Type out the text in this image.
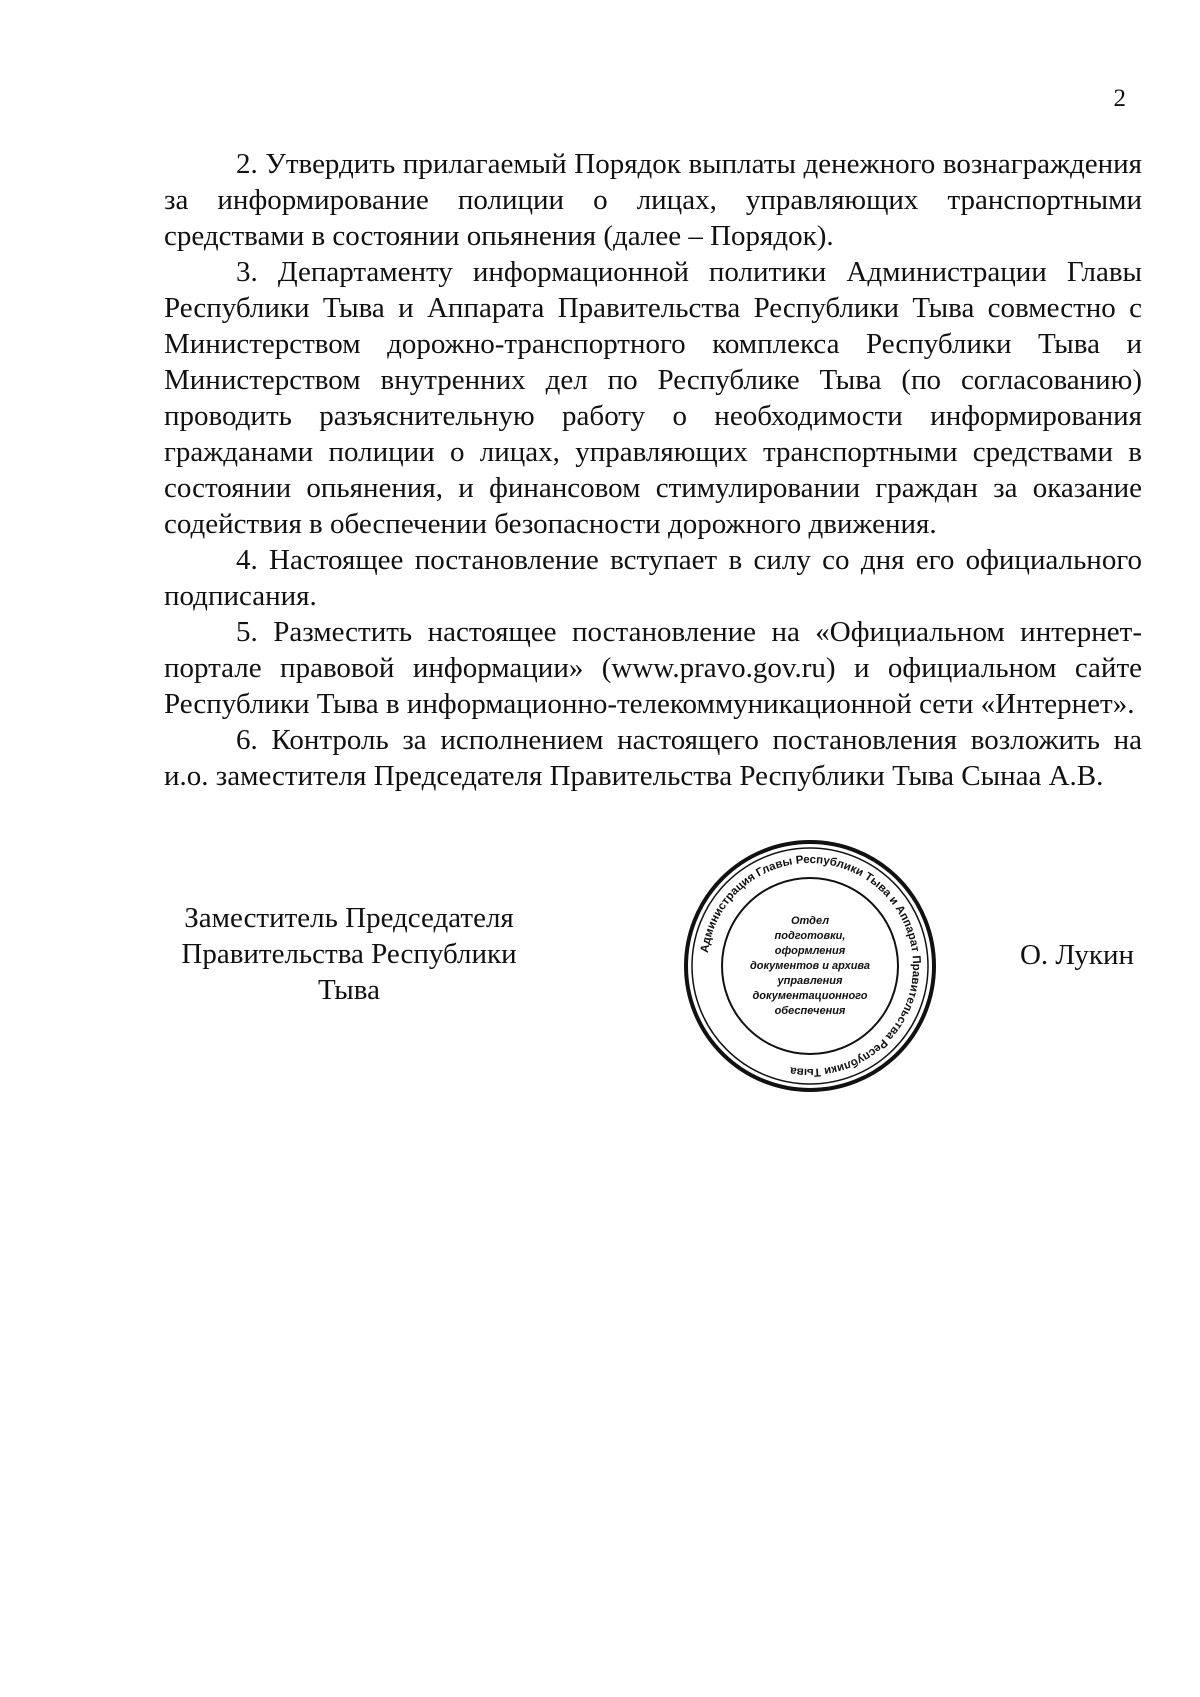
2

2. Утвердить прилагаемый Порядок выплаты денежного вознаграждения за информирование полиции о лицах, управляющих транспортными средствами в состоянии опьянения (далее – Порядок).

3. Департаменту информационной политики Администрации Главы Республики Тыва и Аппарата Правительства Республики Тыва совместно с Министерством дорожно-транспортного комплекса Республики Тыва и Министерством внутренних дел по Республике Тыва (по согласованию) проводить разъяснительную работу о необходимости информирования гражданами полиции о лицах, управляющих транспортными средствами в состоянии опьянения, и финансовом стимулировании граждан за оказание содействия в обеспечении безопасности дорожного движения.

4. Настоящее постановление вступает в силу со дня его официального подписания.

5. Разместить настоящее постановление на «Официальном интернет-портале правовой информации» (www.pravo.gov.ru) и официальном сайте Республики Тыва в информационно-телекоммуникационной сети «Интернет».

6. Контроль за исполнением настоящего постановления возложить на и.о. заместителя Председателя Правительства Республики Тыва Сынаа А.В.

Заместитель Председателя
Правительства Республики Тыва
О. Лукин
Администрация Главы Республики Тыва и Аппарат Правительства Республики Тыва
Отдел
подготовки,
оформления
документов и архива
управления
документационного
обеспечения
